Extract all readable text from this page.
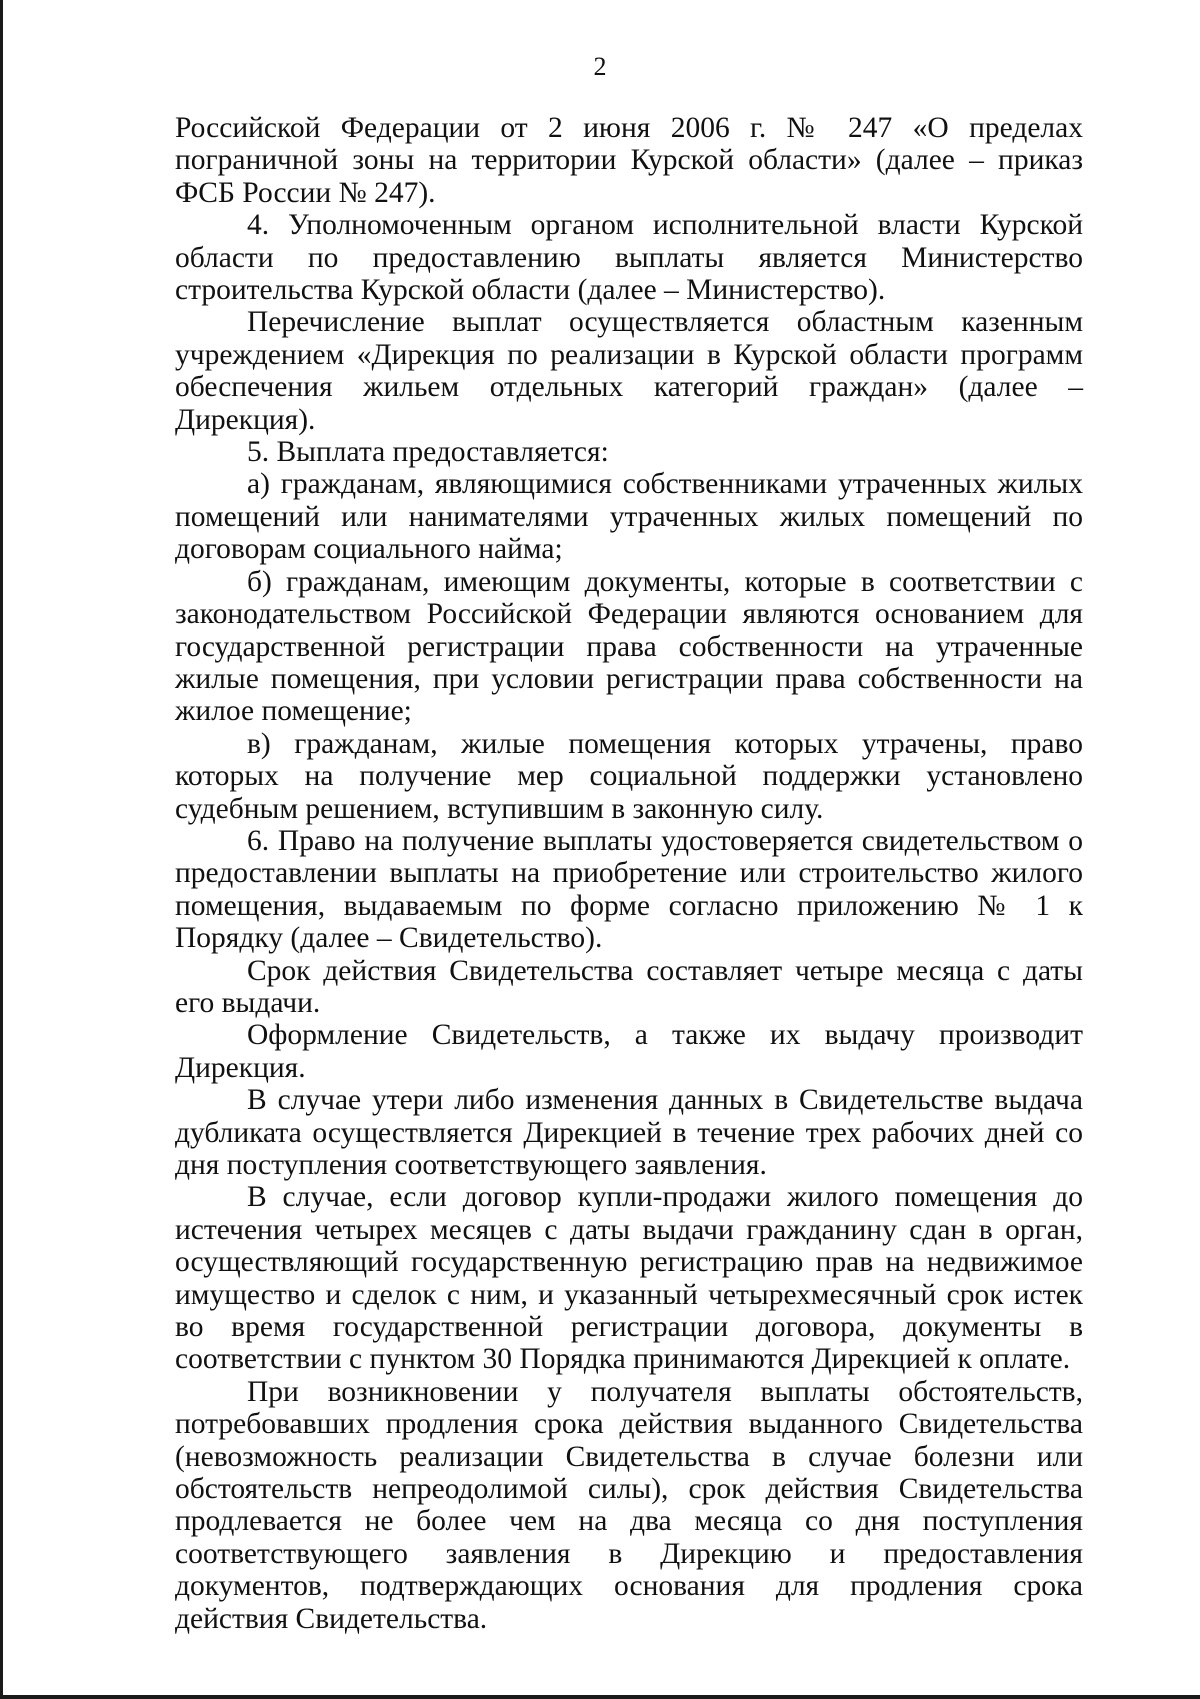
2

Российской Федерации от 2 июня 2006 г. № 247 «О пределах пограничной зоны на территории Курской области» (далее – приказ ФСБ России № 247).

4. Уполномоченным органом исполнительной власти Курской области по предоставлению выплаты является Министерство строительства Курской области (далее – Министерство).

Перечисление выплат осуществляется областным казенным учреждением «Дирекция по реализации в Курской области программ обеспечения жильем отдельных категорий граждан» (далее – Дирекция).

5. Выплата предоставляется:

а) гражданам, являющимися собственниками утраченных жилых помещений или нанимателями утраченных жилых помещений по договорам социального найма;

б) гражданам, имеющим документы, которые в соответствии с законодательством Российской Федерации являются основанием для государственной регистрации права собственности на утраченные жилые помещения, при условии регистрации права собственности на жилое помещение;

в) гражданам, жилые помещения которых утрачены, право которых на получение мер социальной поддержки установлено судебным решением, вступившим в законную силу.

6. Право на получение выплаты удостоверяется свидетельством о предоставлении выплаты на приобретение или строительство жилого помещения, выдаваемым по форме согласно приложению № 1 к Порядку (далее – Свидетельство).

Срок действия Свидетельства составляет четыре месяца с даты его выдачи.

Оформление Свидетельств, а также их выдачу производит Дирекция.

В случае утери либо изменения данных в Свидетельстве выдача дубликата осуществляется Дирекцией в течение трех рабочих дней со дня поступления соответствующего заявления.

В случае, если договор купли-продажи жилого помещения до истечения четырех месяцев с даты выдачи гражданину сдан в орган, осуществляющий государственную регистрацию прав на недвижимое имущество и сделок с ним, и указанный четырехмесячный срок истек во время государственной регистрации договора, документы в соответствии с пунктом 30 Порядка принимаются Дирекцией к оплате.

При возникновении у получателя выплаты обстоятельств, потребовавших продления срока действия выданного Свидетельства (невозможность реализации Свидетельства в случае болезни или обстоятельств непреодолимой силы), срок действия Свидетельства продлевается не более чем на два месяца со дня поступления соответствующего заявления в Дирекцию и предоставления документов, подтверждающих основания для продления срока действия Свидетельства.
